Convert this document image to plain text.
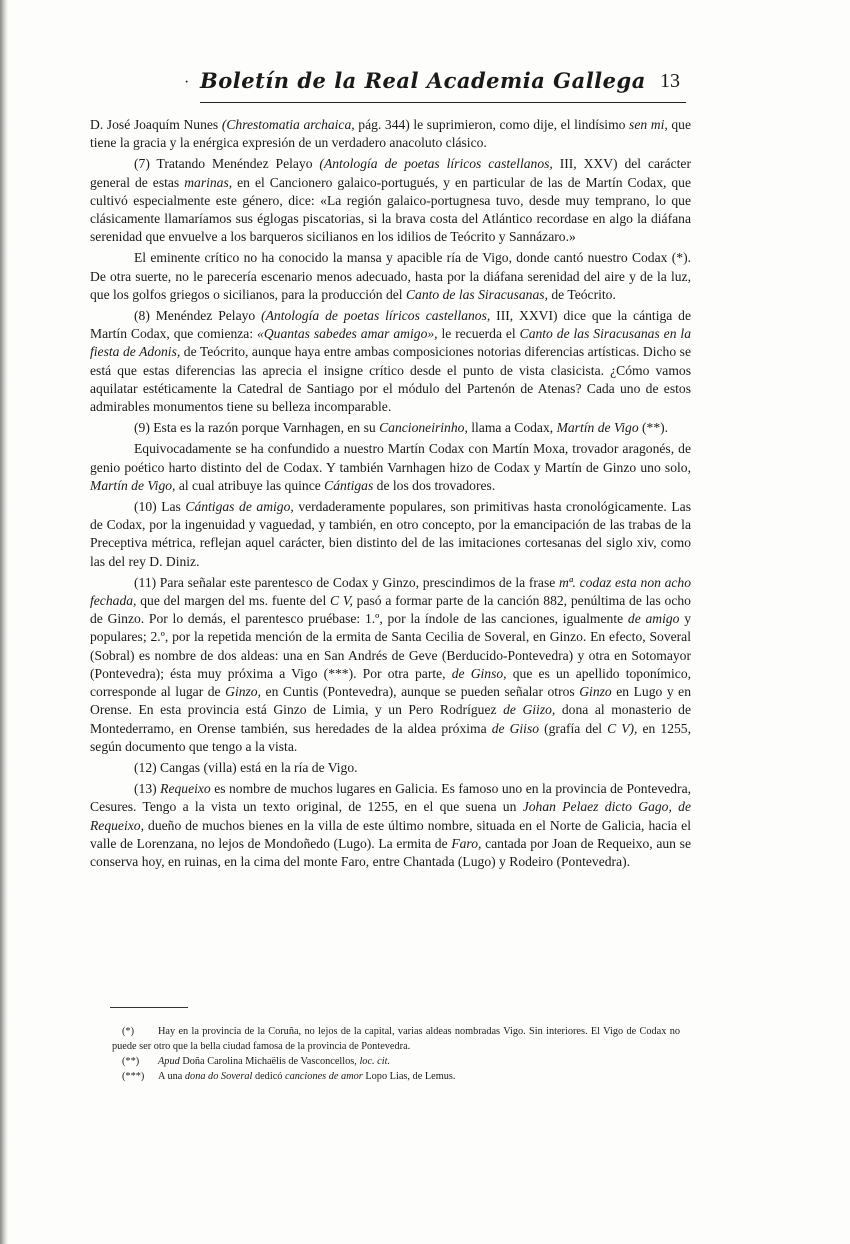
· Boletín de la Real Academia Gallega 13

D. José Joaquím Nunes (Chrestomatia archaica, pág. 344) le suprimieron, como dije, el lindísimo sen mi, que tiene la gracia y la enérgica expresión de un verdadero anacoluto clásico.

(7) Tratando Menéndez Pelayo (Antología de poetas líricos castellanos, III, XXV) del carácter general de estas marinas, en el Cancionero galaico-portugués, y en particular de las de Martín Codax, que cultivó especialmente este género, dice: «La región galaico-portugnesa tuvo, desde muy temprano, lo que clásicamente llamaríamos sus églogas piscatorias, si la brava costa del Atlántico recordase en algo la diáfana serenidad que envuelve a los barqueros sicilianos en los idilios de Teócrito y Sannázaro.»

El eminente crítico no ha conocido la mansa y apacible ría de Vigo, donde cantó nuestro Codax (*). De otra suerte, no le parecería escenario menos adecuado, hasta por la diáfana serenidad del aire y de la luz, que los golfos griegos o sicilianos, para la producción del Canto de las Siracusanas, de Teócrito.

(8) Menéndez Pelayo (Antología de poetas líricos castellanos, III, XXVI) dice que la cántiga de Martín Codax, que comienza: «Quantas sabedes amar amigo», le recuerda el Canto de las Siracusanas en la fiesta de Adonis, de Teócrito, aunque haya entre ambas composiciones notorias diferencias artísticas. Dicho se está que estas diferencias las aprecia el insigne crítico desde el punto de vista clasicista. ¿Cómo vamos aquilatar estéticamente la Catedral de Santiago por el módulo del Partenón de Atenas? Cada uno de estos admirables monumentos tiene su belleza incomparable.

(9) Esta es la razón porque Varnhagen, en su Cancioneirinho, llama a Codax, Martín de Vigo (**).

Equivocadamente se ha confundido a nuestro Martín Codax con Martín Moxa, trovador aragonés, de genio poético harto distinto del de Codax. Y también Varnhagen hizo de Codax y Martín de Ginzo uno solo, Martín de Vigo, al cual atribuye las quince Cántigas de los dos trovadores.

(10) Las Cántigas de amigo, verdaderamente populares, son primitivas hasta cronológicamente. Las de Codax, por la ingenuidad y vaguedad, y también, en otro concepto, por la emancipación de las trabas de la Preceptiva métrica, reflejan aquel carácter, bien distinto del de las imitaciones cortesanas del siglo xiv, como las del rey D. Diniz.

(11) Para señalar este parentesco de Codax y Ginzo, prescindimos de la frase mª. codaz esta non acho fechada, que del margen del ms. fuente del C V, pasó a formar parte de la canción 882, penúltima de las ocho de Ginzo. Por lo demás, el parentesco pruébase: 1.º, por la índole de las canciones, igualmente de amigo y populares; 2.º, por la repetida mención de la ermita de Santa Cecilia de Soveral, en Ginzo. En efecto, Soveral (Sobral) es nombre de dos aldeas: una en San Andrés de Geve (Berducido-Pontevedra) y otra en Sotomayor (Pontevedra); ésta muy próxima a Vigo (***). Por otra parte, de Ginso, que es un apellido toponímico, corresponde al lugar de Ginzo, en Cuntis (Pontevedra), aunque se pueden señalar otros Ginzo en Lugo y en Orense. En esta provincia está Ginzo de Limia, y un Pero Rodríguez de Giizo, dona al monasterio de Montederramo, en Orense también, sus heredades de la aldea próxima de Giiso (grafía del C V), en 1255, según documento que tengo a la vista.

(12) Cangas (villa) está en la ría de Vigo.

(13) Requeixo es nombre de muchos lugares en Galicia. Es famoso uno en la provincia de Pontevedra, Cesures. Tengo a la vista un texto original, de 1255, en el que suena un Johan Pelaez dicto Gago, de Requeixo, dueño de muchos bienes en la villa de este último nombre, situada en el Norte de Galicia, hacia el valle de Lorenzana, no lejos de Mondoñedo (Lugo). La ermita de Faro, cantada por Joan de Requeixo, aun se conserva hoy, en ruinas, en la cima del monte Faro, entre Chantada (Lugo) y Rodeiro (Pontevedra).

(*) Hay en la provincia de la Coruña, no lejos de la capital, varias aldeas nombradas Vigo. Sin interiores. El Vigo de Codax no puede ser otro que la bella ciudad famosa de la provincia de Pontevedra.

(**) Apud Doña Carolina Michaëlis de Vasconcellos, loc. cit.

(***) A una dona do Soveral dedicó canciones de amor Lopo Lias, de Lemus.
